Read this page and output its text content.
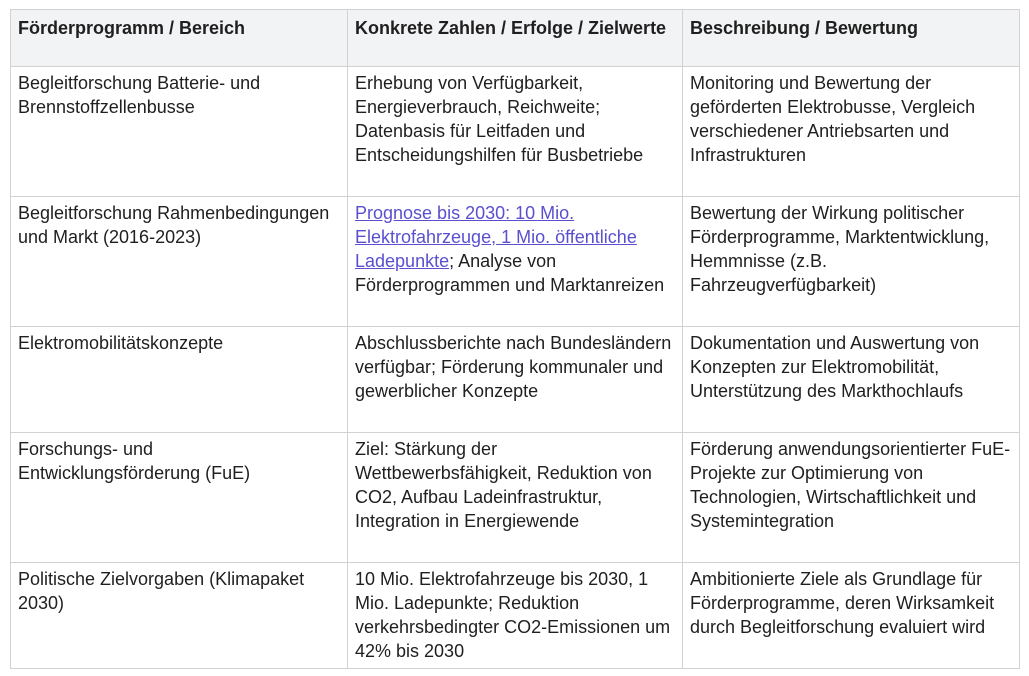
Förderprogramm / Bereich	Konkrete Zahlen / Erfolge / Zielwerte	Beschreibung / Bewertung
Begleitforschung Batterie- und Brennstoffzellenbusse	Erhebung von Verfügbarkeit, Energieverbrauch, Reichweite; Datenbasis für Leitfaden und Entscheidungshilfen für Busbetriebe	Monitoring und Bewertung der geförderten Elektrobusse, Vergleich verschiedener Antriebsarten und Infrastrukturen
Begleitforschung Rahmenbedingungen und Markt (2016-2023)	Prognose bis 2030: 10 Mio. Elektrofahrzeuge, 1 Mio. öffentliche Ladepunkte; Analyse von Förderprogrammen und Marktanreizen	Bewertung der Wirkung politischer Förderprogramme, Marktentwicklung, Hemmnisse (z.B. Fahrzeugverfügbarkeit)
Elektromobilitätskonzepte	Abschlussberichte nach Bundesländern verfügbar; Förderung kommunaler und gewerblicher Konzepte	Dokumentation und Auswertung von Konzepten zur Elektromobilität, Unterstützung des Markthochlaufs
Forschungs- und Entwicklungsförderung (FuE)	Ziel: Stärkung der Wettbewerbsfähigkeit, Reduktion von CO2, Aufbau Ladeinfrastruktur, Integration in Energiewende	Förderung anwendungsorientierter FuE-Projekte zur Optimierung von Technologien, Wirtschaftlichkeit und Systemintegration
Politische Zielvorgaben (Klimapaket 2030)	10 Mio. Elektrofahrzeuge bis 2030, 1 Mio. Ladepunkte; Reduktion verkehrsbedingter CO2-Emissionen um 42% bis 2030	Ambitionierte Ziele als Grundlage für Förderprogramme, deren Wirksamkeit durch Begleitforschung evaluiert wird
